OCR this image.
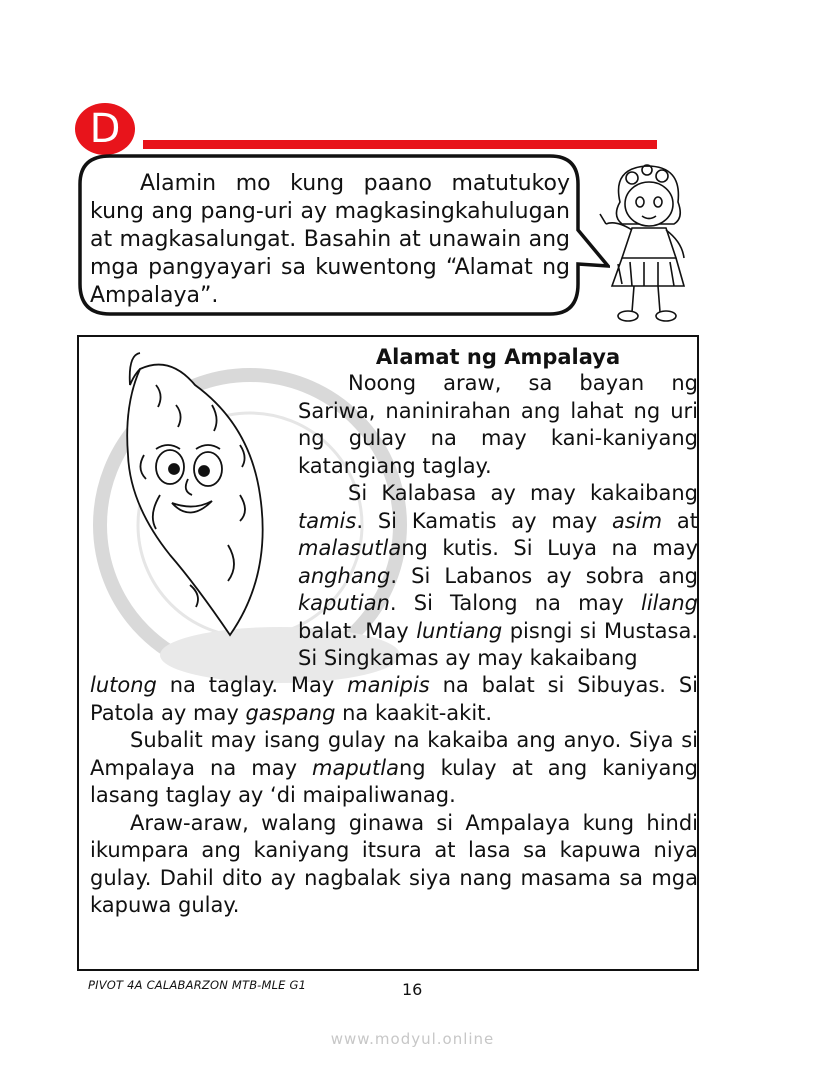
D
Alamin mo kung paano matutukoy kung ang pang-uri ay magkasingkahulugan at magkasalungat. Basahin at unawain ang mga pangyayari sa kuwentong “Alamat ng Ampalaya”.
Alamat ng Ampalaya

Noong araw, sa bayan ng Sariwa, naninirahan ang lahat ng uri ng gulay na may kani-kaniyang katangiang taglay.

Si Kalabasa ay may kakaibang tamis. Si Kamatis ay may asim at malasutlang kutis. Si Luya na may anghang. Si Labanos ay sobra ang kaputian. Si Talong na may lilang balat. May luntiang pisngi si Mustasa. Si Singkamas ay may kakaibang

lutong na taglay. May manipis na balat si Sibuyas. Si Patola ay may gaspang na kaakit-akit.

Subalit may isang gulay na kakaiba ang anyo. Siya si Ampalaya na may maputlang kulay at ang kaniyang lasang taglay ay ‘di maipaliwanag.

Araw-araw, walang ginawa si Ampalaya kung hindi ikumpara ang kaniyang itsura at lasa sa kapuwa niya gulay. Dahil dito ay nagbalak siya nang masama sa mga kapuwa gulay.

PIVOT 4A CALABARZON MTB-MLE G1	16
www.modyul.online
